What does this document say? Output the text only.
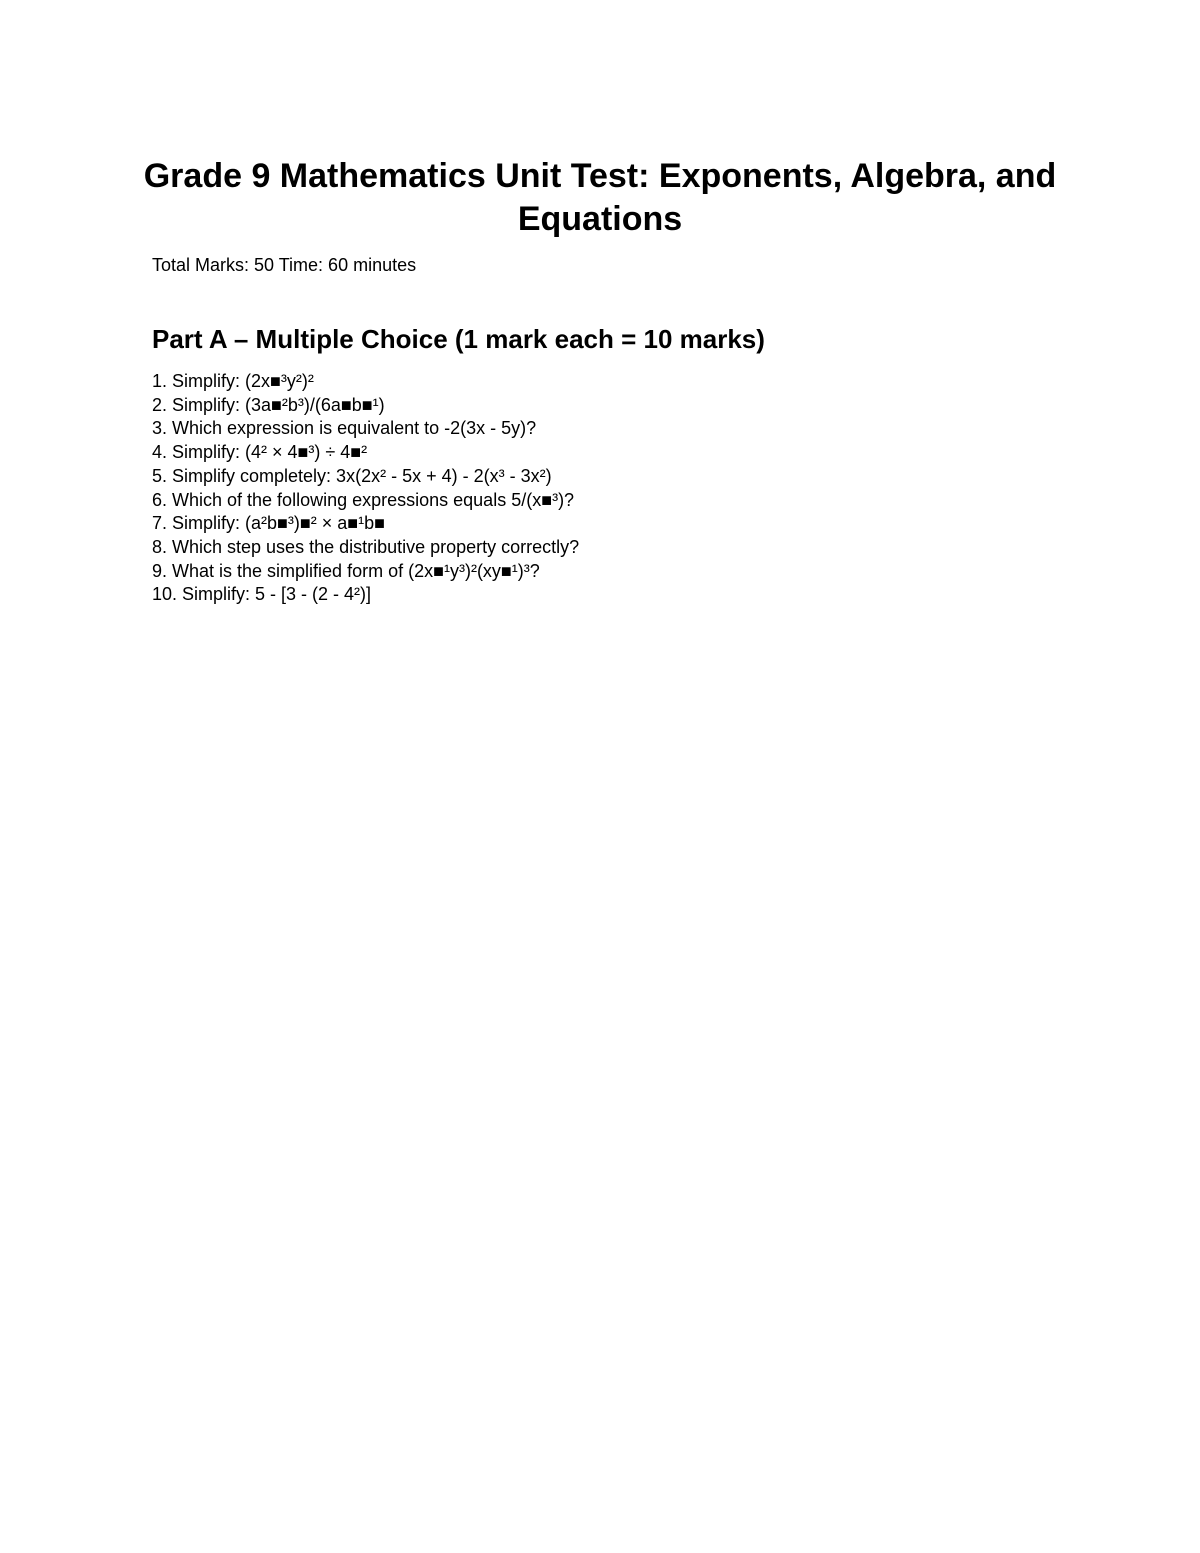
Grade 9 Mathematics Unit Test: Exponents, Algebra, and Equations

Total Marks: 50 Time: 60 minutes

Part A – Multiple Choice (1 mark each = 10 marks)
1. Simplify: (2x■³y²)²
2. Simplify: (3a■²b³)/(6a■b■¹)
3. Which expression is equivalent to -2(3x - 5y)?
4. Simplify: (4² × 4■³) ÷ 4■²
5. Simplify completely: 3x(2x² - 5x + 4) - 2(x³ - 3x²)
6. Which of the following expressions equals 5/(x■³)?
7. Simplify: (a²b■³)■² × a■¹b■
8. Which step uses the distributive property correctly?
9. What is the simplified form of (2x■¹y³)²(xy■¹)³?
10. Simplify: 5 - [3 - (2 - 4²)]
